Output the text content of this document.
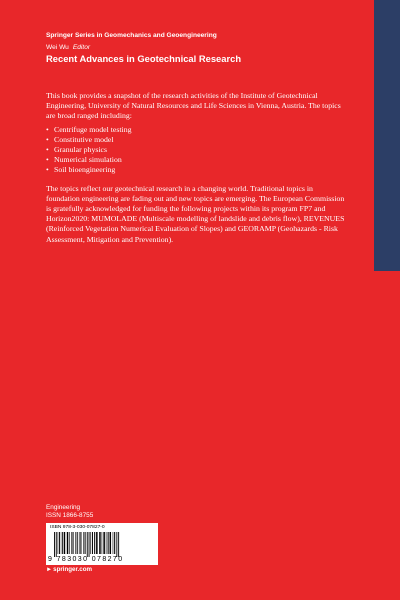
Springer Series in Geomechanics and Geoengineering
Wei Wu Editor
Recent Advances in Geotechnical Research

This book provides a snapshot of the research activities of the Institute of Geotechnical Engineering, University of Natural Resources and Life Sciences in Vienna, Austria. The topics are broad ranged including:

• Centrifuge model testing
• Constitutive model
• Granular physics
• Numerical simulation
• Soil bioengineering

The topics reflect our geotechnical research in a changing world. Traditional topics in foundation engineering are fading out and new topics are emerging. The European Commission is gratefully acknowledged for funding the following projects within its program FP7 and Horizon2020: MUMOLADE (Multiscale modelling of landslide and debris flow), REVENUES (Reinforced Vegetation Numerical Evaluation of Slopes) and GEORAMP (Geohazards - Risk Assessment, Mitigation and Prevention).

Engineering
ISSN 1866-8755
ISBN 978-3-030-07827-0
9 783030 078270
►springer.com
